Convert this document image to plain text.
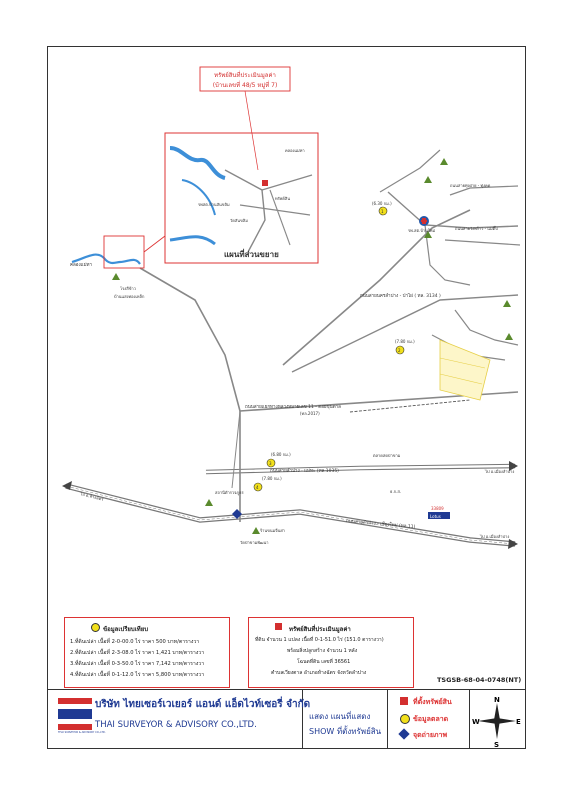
คลองแม่ทา
โรงสีข้าว
บ้านแสงทองเหล็ก
ถนนสายลำปาง - แม่ทะ (ทล.1035)
ถนนสายลำปาง - เชียงใหม่ (ทล.11)
ถนนสายแยกทางหลวงหมายเลข 11 - ดอยขุนตาล
(ทล.2017)
ถนนสายนครลำปาง - ป่าไผ่ ( ทล. 3134 )
ถนนสายทุ่งฝาย - ทุ่งคด
ถนนสายวังพร้าว - แม่ติ๊บ
ไป อ.ห้างฉัตร
ไป อ.เมืองลำปาง
ไป อ.เมืองลำปาง
สถานีตำรวจภูธร
ตลาดสดป่าขาม
วัดป่าขามพัฒนา
ร้านขนมจีนย่า
ธ.ก.ส.
รพ.สต.บ้านใหม่
Lotus
33809
(6.30 กม.)
(7.80 กม.)
(6.80 กม.)
(7.80 กม.)
1
2
3
4
ทรัพย์สินที่ประเมินมูลค่า
(บ้านเลขที่ 48/5 หมู่ที่ 7)
แผนที่ส่วนขยาย
คลองแม่ทา
ทรัพย์สิน
รพสต.บ้านสันขลิม
วัดสันขลิม
ข้อมูลเปรียบเทียบ
1.ที่ดินเปล่า เนื้อที่ 2-0-00.0 ไร่ ราคา 500 บาท/ตารางวา
2.ที่ดินเปล่า เนื้อที่ 2-3-08.0 ไร่ ราคา 1,421 บาท/ตารางวา
3.ที่ดินเปล่า เนื้อที่ 0-3-50.0 ไร่ ราคา 7,142 บาท/ตารางวา
4.ที่ดินเปล่า เนื้อที่ 0-1-12.0 ไร่ ราคา 5,800 บาท/ตารางวา
ทรัพย์สินที่ประเมินมูลค่า
ที่ดิน จำนวน 1 แปลง เนื้อที่ 0-1-51.0 ไร่ (151.0 ตารางวา)
พร้อมสิ่งปลูกสร้าง จำนวน 1 หลัง
โฉนดที่ดิน เลขที่ 36561
ตำบลเวียงตาล อำเภอห้างฉัตร จังหวัดลำปาง
TSGSB-68-04-0748(NT)
THAI SURVEYOR & ADVISORY CO.,LTD.
บริษัท ไทยเซอร์เวเยอร์ แอนด์ แอ็ดไวท์เซอรี่ จำกัด
THAI SURVEYOR & ADVISORY CO.,LTD.
แสดง แผนที่แสดง
SHOW ที่ตั้งทรัพย์สิน
ที่ตั้งทรัพย์สิน
ข้อมูลตลาด
จุดถ่ายภาพ
N
S
W	E
